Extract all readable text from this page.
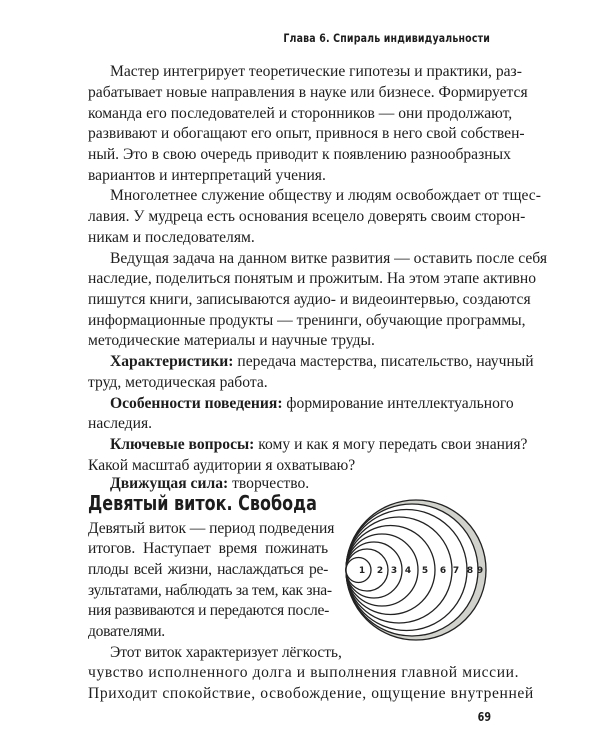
Глава 6. Спираль индивидуальности
Мастер интегрирует теоретические гипотезы и практики, раз-
рабатывает новые направления в науке или бизнесе. Формируется
команда его последователей и сторонников — они продолжают,
развивают и обогащают его опыт, привнося в него свой собствен-
ный. Это в свою очередь приводит к появлению разнообразных
вариантов и интерпретаций учения.
Многолетнее служение обществу и людям освобождает от тщес-
лавия. У мудреца есть основания всецело доверять своим сторон-
никам и последователям.
Ведущая задача на данном витке развития — оставить после себя
наследие, поделиться понятым и прожитым. На этом этапе активно
пишутся книги, записываются аудио- и видеоинтервью, создаются
информационные продукты — тренинги, обучающие программы,
методические материалы и научные труды.
Характеристики: передача мастерства, писательство, научный
труд, методическая работа.
Особенности поведения: формирование интеллектуального
наследия.
Ключевые вопросы: кому и как я могу передать свои знания?
Какой масштаб аудитории я охватываю?
Движущая сила: творчество.
Девятый виток. Свобода
Девятый виток — период подведения
итогов. Наступает время пожинать
плоды всей жизни, наслаждаться ре-
зультатами, наблюдать за тем, как зна-
ния развиваются и передаются после-
дователями.
Этот виток характеризует лёгкость,
чувство исполненного долга и выполнения главной миссии.
Приходит спокойствие, освобождение, ощущение внутренней
1 2 3 4 5 6 7 8 9
69
